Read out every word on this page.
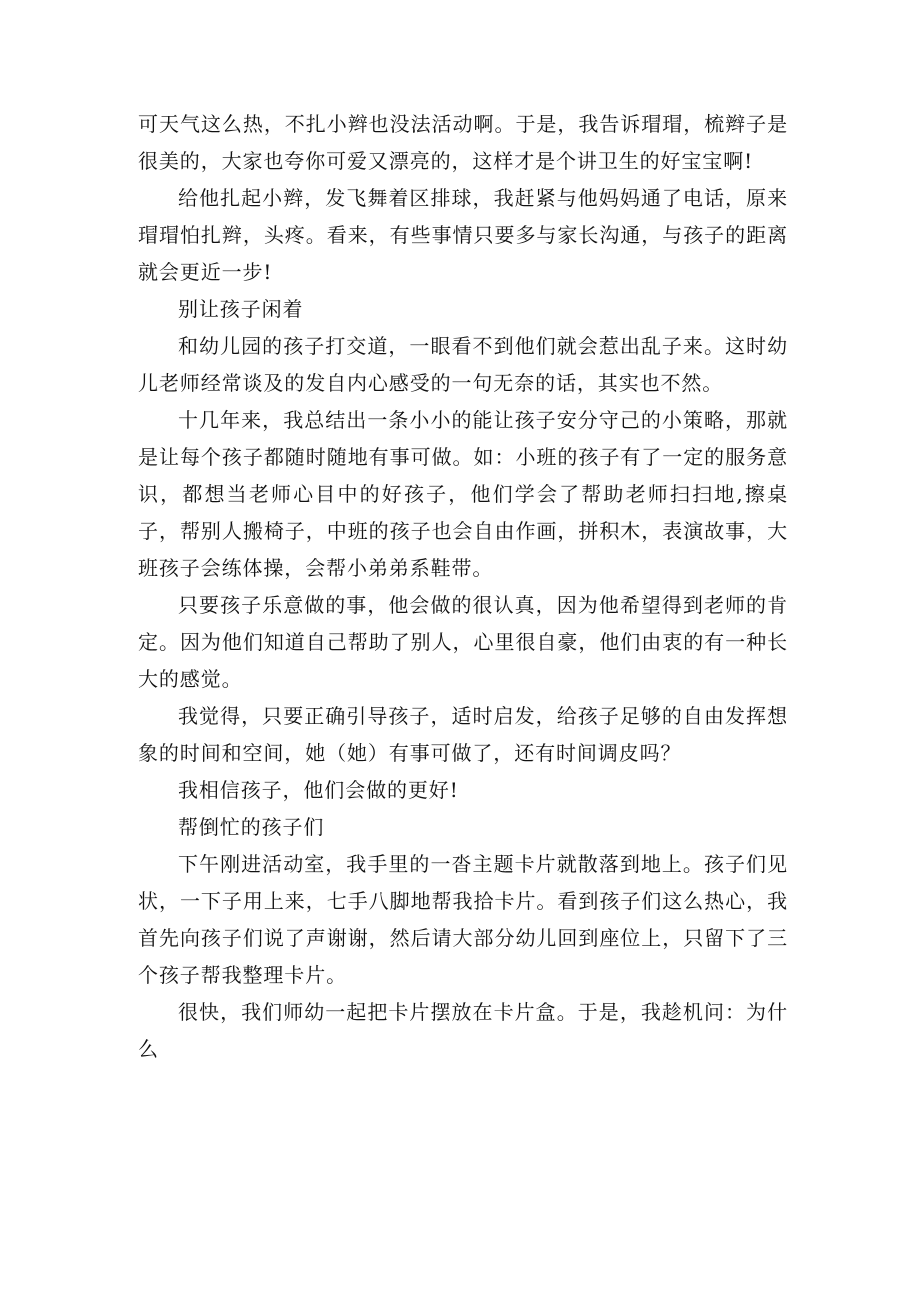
可天气这么热，不扎小辫也没法活动啊。于是，我告诉瑁瑁，梳辫子是很美的，大家也夸你可爱又漂亮的，这样才是个讲卫生的好宝宝啊!

给他扎起小辫，发飞舞着区排球，我赶紧与他妈妈通了电话，原来瑁瑁怕扎辫，头疼。看来，有些事情只要多与家长沟通，与孩子的距离就会更近一步!

别让孩子闲着

和幼儿园的孩子打交道，一眼看不到他们就会惹出乱子来。这时幼儿老师经常谈及的发自内心感受的一句无奈的话，其实也不然。

十几年来，我总结出一条小小的能让孩子安分守己的小策略，那就是让每个孩子都随时随地有事可做。如：小班的孩子有了一定的服务意识，都想当老师心目中的好孩子，他们学会了帮助老师扫扫地,擦桌子，帮别人搬椅子，中班的孩子也会自由作画，拼积木，表演故事，大班孩子会练体操，会帮小弟弟系鞋带。

只要孩子乐意做的事，他会做的很认真，因为他希望得到老师的肯定。因为他们知道自己帮助了别人，心里很自豪，他们由衷的有一种长大的感觉。

我觉得，只要正确引导孩子，适时启发，给孩子足够的自由发挥想象的时间和空间，她（她）有事可做了，还有时间调皮吗？

我相信孩子，他们会做的更好!

帮倒忙的孩子们

下午刚进活动室，我手里的一沓主题卡片就散落到地上。孩子们见状，一下子用上来，七手八脚地帮我拾卡片。看到孩子们这么热心，我首先向孩子们说了声谢谢，然后请大部分幼儿回到座位上，只留下了三个孩子帮我整理卡片。

很快，我们师幼一起把卡片摆放在卡片盒。于是，我趁机问：为什么
